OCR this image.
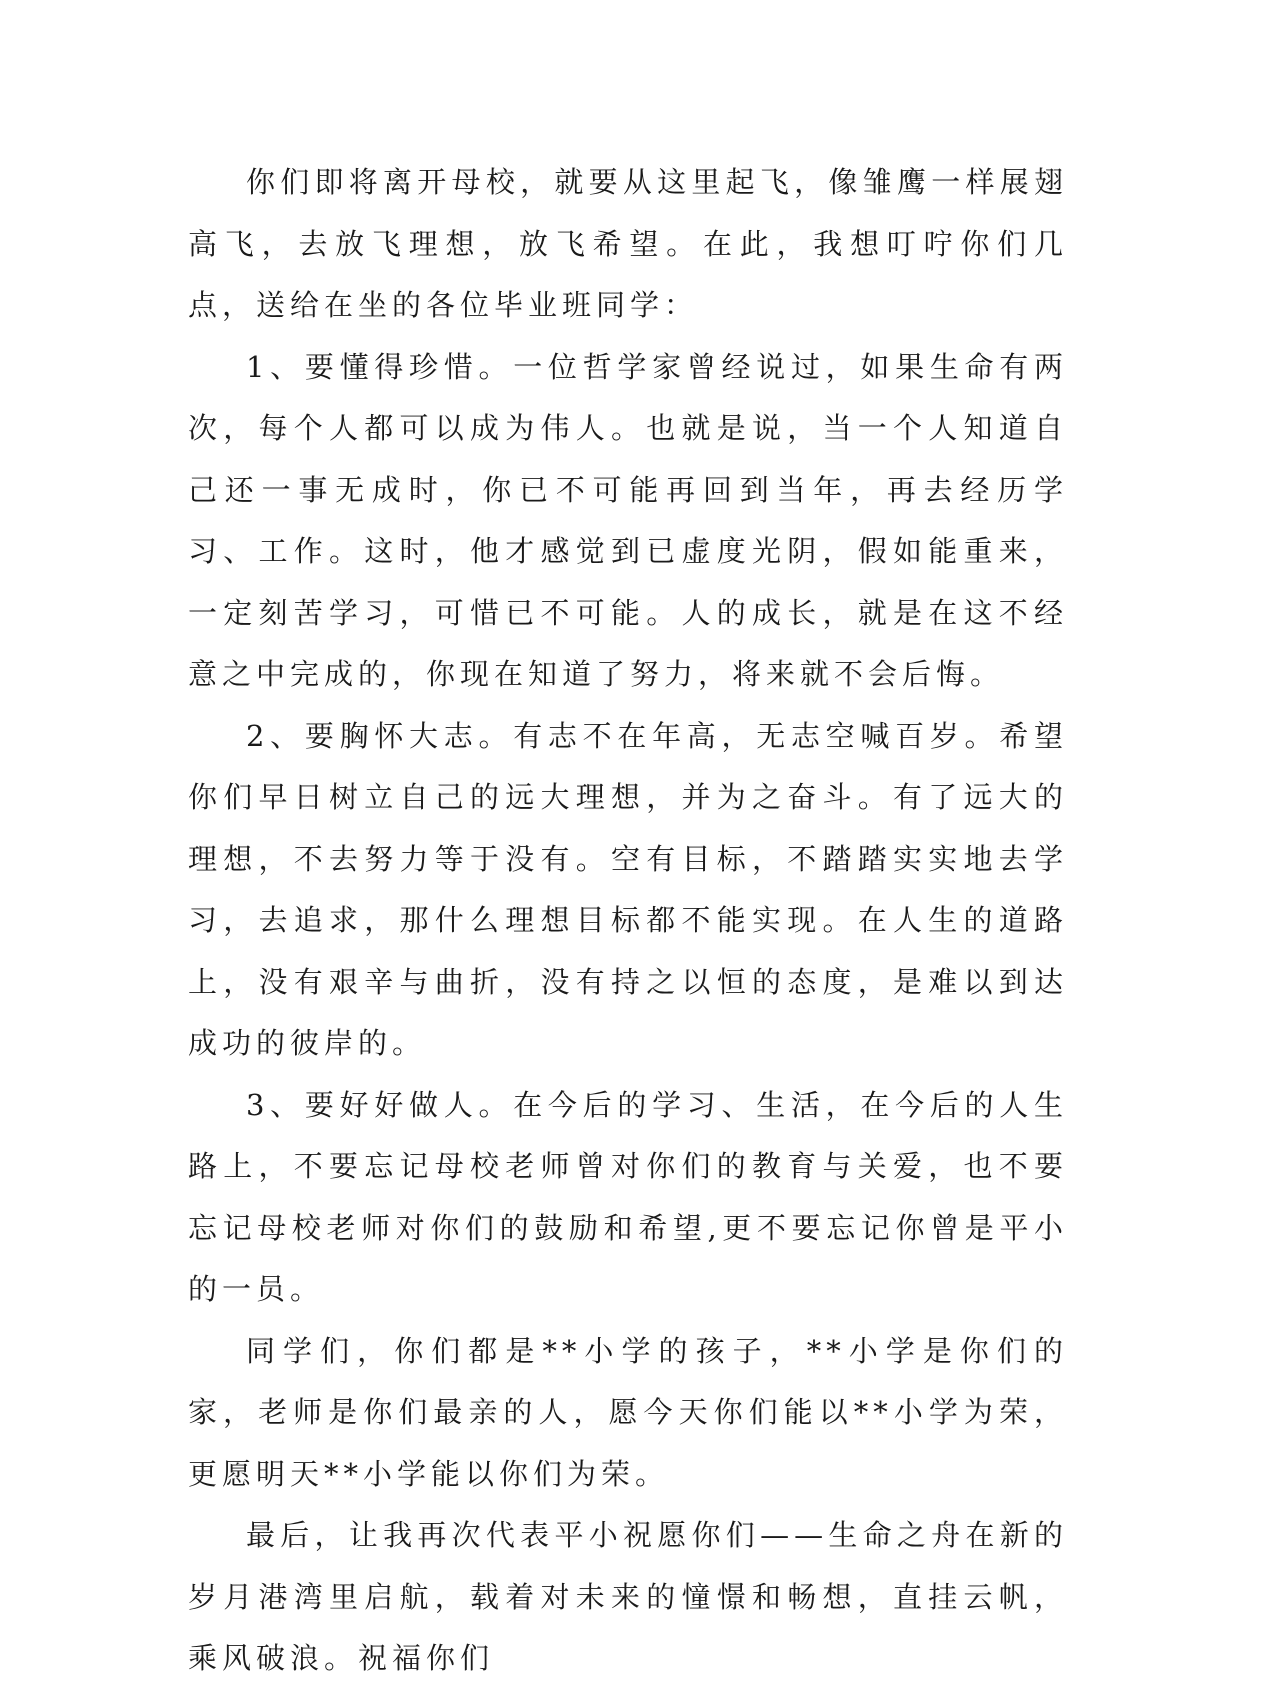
你们即将离开母校，就要从这里起飞，像雏鹰一样展翅高飞，去放飞理想，放飞希望。在此，我想叮咛你们几点，送给在坐的各位毕业班同学：

1、要懂得珍惜。一位哲学家曾经说过，如果生命有两次，每个人都可以成为伟人。也就是说，当一个人知道自己还一事无成时，你已不可能再回到当年，再去经历学习、工作。这时，他才感觉到已虚度光阴，假如能重来，一定刻苦学习，可惜已不可能。人的成长，就是在这不经意之中完成的，你现在知道了努力，将来就不会后悔。

2、要胸怀大志。有志不在年高，无志空喊百岁。希望你们早日树立自己的远大理想，并为之奋斗。有了远大的理想，不去努力等于没有。空有目标，不踏踏实实地去学习，去追求，那什么理想目标都不能实现。在人生的道路上，没有艰辛与曲折，没有持之以恒的态度，是难以到达成功的彼岸的。

3、要好好做人。在今后的学习、生活，在今后的人生路上，不要忘记母校老师曾对你们的教育与关爱，也不要忘记母校老师对你们的鼓励和希望,更不要忘记你曾是平小的一员。

同学们，你们都是**小学的孩子，**小学是你们的家，老师是你们最亲的人，愿今天你们能以**小学为荣，更愿明天**小学能以你们为荣。

最后，让我再次代表平小祝愿你们——生命之舟在新的岁月港湾里启航，载着对未来的憧憬和畅想，直挂云帆，乘风破浪。祝福你们
